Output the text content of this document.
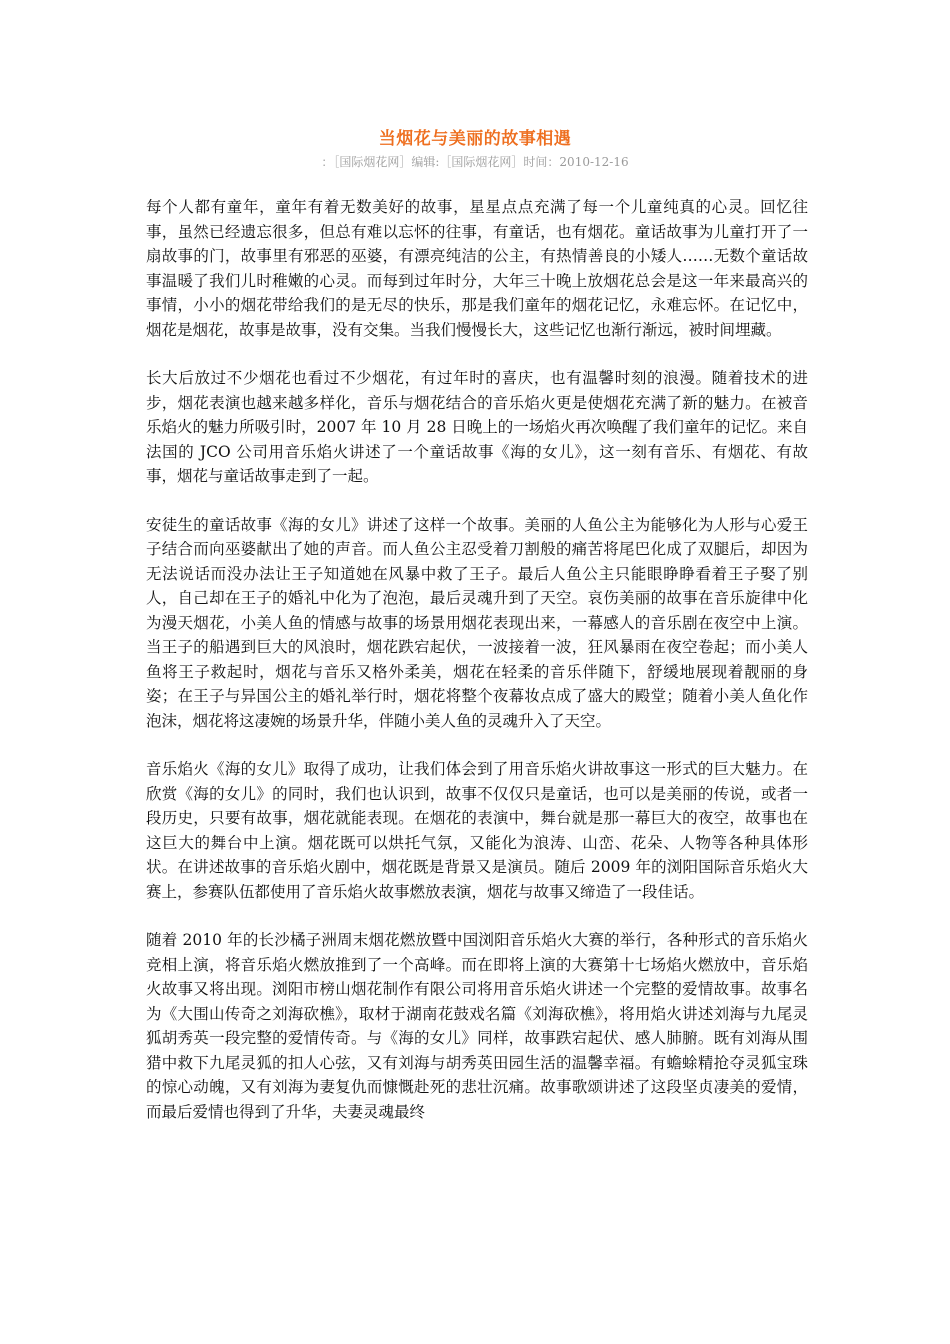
当烟花与美丽的故事相遇
：［国际烟花网］编辑:［国际烟花网］时间：2010-12-16

每个人都有童年，童年有着无数美好的故事，星星点点充满了每一个儿童纯真的心灵。回忆往事，虽然已经遗忘很多，但总有难以忘怀的往事，有童话，也有烟花。童话故事为儿童打开了一扇故事的门，故事里有邪恶的巫婆，有漂亮纯洁的公主，有热情善良的小矮人……无数个童话故事温暖了我们儿时稚嫩的心灵。而每到过年时分，大年三十晚上放烟花总会是这一年来最高兴的事情，小小的烟花带给我们的是无尽的快乐，那是我们童年的烟花记忆，永难忘怀。在记忆中，烟花是烟花，故事是故事，没有交集。当我们慢慢长大，这些记忆也渐行渐远，被时间埋藏。

长大后放过不少烟花也看过不少烟花，有过年时的喜庆，也有温馨时刻的浪漫。随着技术的进步，烟花表演也越来越多样化，音乐与烟花结合的音乐焰火更是使烟花充满了新的魅力。在被音乐焰火的魅力所吸引时，2007 年 10 月 28 日晚上的一场焰火再次唤醒了我们童年的记忆。来自法国的 JCO 公司用音乐焰火讲述了一个童话故事《海的女儿》，这一刻有音乐、有烟花、有故事，烟花与童话故事走到了一起。

安徒生的童话故事《海的女儿》讲述了这样一个故事。美丽的人鱼公主为能够化为人形与心爱王子结合而向巫婆献出了她的声音。而人鱼公主忍受着刀割般的痛苦将尾巴化成了双腿后，却因为无法说话而没办法让王子知道她在风暴中救了王子。最后人鱼公主只能眼睁睁看着王子娶了别人，自己却在王子的婚礼中化为了泡泡，最后灵魂升到了天空。哀伤美丽的故事在音乐旋律中化为漫天烟花，小美人鱼的情感与故事的场景用烟花表现出来，一幕感人的音乐剧在夜空中上演。当王子的船遇到巨大的风浪时，烟花跌宕起伏，一波接着一波，狂风暴雨在夜空卷起；而小美人鱼将王子救起时，烟花与音乐又格外柔美，烟花在轻柔的音乐伴随下，舒缓地展现着靓丽的身姿；在王子与异国公主的婚礼举行时，烟花将整个夜幕妆点成了盛大的殿堂；随着小美人鱼化作泡沫，烟花将这凄婉的场景升华，伴随小美人鱼的灵魂升入了天空。

音乐焰火《海的女儿》取得了成功，让我们体会到了用音乐焰火讲故事这一形式的巨大魅力。在欣赏《海的女儿》的同时，我们也认识到，故事不仅仅只是童话，也可以是美丽的传说，或者一段历史，只要有故事，烟花就能表现。在烟花的表演中，舞台就是那一幕巨大的夜空，故事也在这巨大的舞台中上演。烟花既可以烘托气氛，又能化为浪涛、山峦、花朵、人物等各种具体形状。在讲述故事的音乐焰火剧中，烟花既是背景又是演员。随后 2009 年的浏阳国际音乐焰火大赛上，参赛队伍都使用了音乐焰火故事燃放表演，烟花与故事又缔造了一段佳话。

随着 2010 年的长沙橘子洲周末烟花燃放暨中国浏阳音乐焰火大赛的举行，各种形式的音乐焰火竞相上演，将音乐焰火燃放推到了一个高峰。而在即将上演的大赛第十七场焰火燃放中，音乐焰火故事又将出现。浏阳市榜山烟花制作有限公司将用音乐焰火讲述一个完整的爱情故事。故事名为《大围山传奇之刘海砍樵》，取材于湖南花鼓戏名篇《刘海砍樵》，将用焰火讲述刘海与九尾灵狐胡秀英一段完整的爱情传奇。与《海的女儿》同样，故事跌宕起伏、感人肺腑。既有刘海从围猎中救下九尾灵狐的扣人心弦，又有刘海与胡秀英田园生活的温馨幸福。有蟾蜍精抢夺灵狐宝珠的惊心动魄，又有刘海为妻复仇而慷慨赴死的悲壮沉痛。故事歌颂讲述了这段坚贞凄美的爱情，而最后爱情也得到了升华，夫妻灵魂最终
